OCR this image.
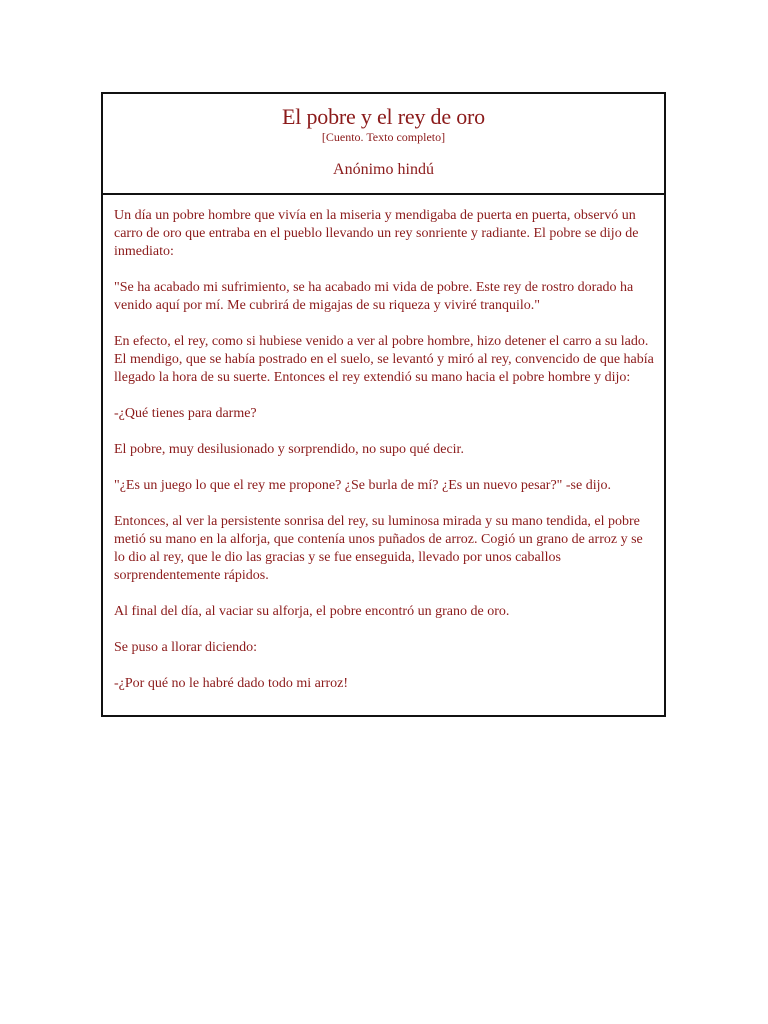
El pobre y el rey de oro

[Cuento. Texto completo]

Anónimo hindú

Un día un pobre hombre que vivía en la miseria y mendigaba de puerta en puerta, observó un carro de oro que entraba en el pueblo llevando un rey sonriente y radiante. El pobre se dijo de inmediato:

"Se ha acabado mi sufrimiento, se ha acabado mi vida de pobre. Este rey de rostro dorado ha venido aquí por mí. Me cubrirá de migajas de su riqueza y viviré tranquilo."

En efecto, el rey, como si hubiese venido a ver al pobre hombre, hizo detener el carro a su lado. El mendigo, que se había postrado en el suelo, se levantó y miró al rey, convencido de que había llegado la hora de su suerte. Entonces el rey extendió su mano hacia el pobre hombre y dijo:

-¿Qué tienes para darme?

El pobre, muy desilusionado y sorprendido, no supo qué decir.

"¿Es un juego lo que el rey me propone? ¿Se burla de mí? ¿Es un nuevo pesar?" -se dijo.

Entonces, al ver la persistente sonrisa del rey, su luminosa mirada y su mano tendida, el pobre metió su mano en la alforja, que contenía unos puñados de arroz. Cogió un grano de arroz y se lo dio al rey, que le dio las gracias y se fue enseguida, llevado por unos caballos sorprendentemente rápidos.

Al final del día, al vaciar su alforja, el pobre encontró un grano de oro.

Se puso a llorar diciendo:

-¿Por qué no le habré dado todo mi arroz!
